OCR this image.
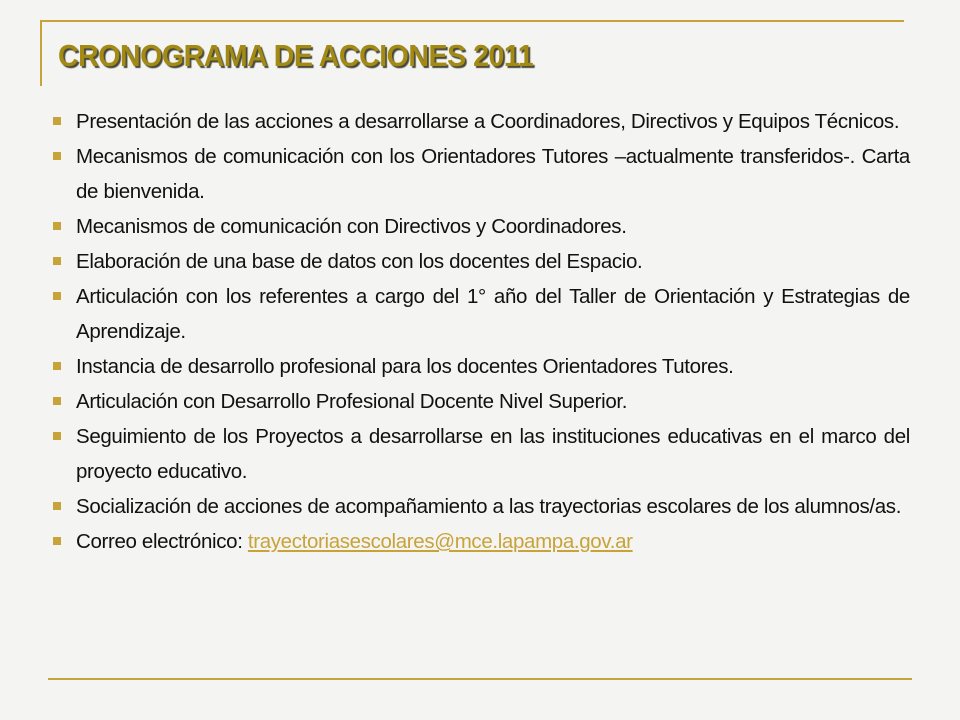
CRONOGRAMA DE ACCIONES 2011
Presentación de las acciones a desarrollarse a Coordinadores, Directivos y Equipos Técnicos.
Mecanismos de comunicación con los Orientadores Tutores –actualmente transferidos-. Carta de bienvenida.
Mecanismos de comunicación con Directivos y Coordinadores.
Elaboración de una base de datos con los docentes del Espacio.
Articulación con los referentes a cargo del 1° año del Taller de Orientación y Estrategias de Aprendizaje.
Instancia de desarrollo profesional para los docentes Orientadores Tutores.
Articulación con Desarrollo Profesional Docente Nivel Superior.
Seguimiento de los Proyectos a desarrollarse en las instituciones educativas en el marco del proyecto educativo.
Socialización de acciones de acompañamiento a las trayectorias escolares de los alumnos/as.
Correo electrónico: trayectoriasescolares@mce.lapampa.gov.ar
